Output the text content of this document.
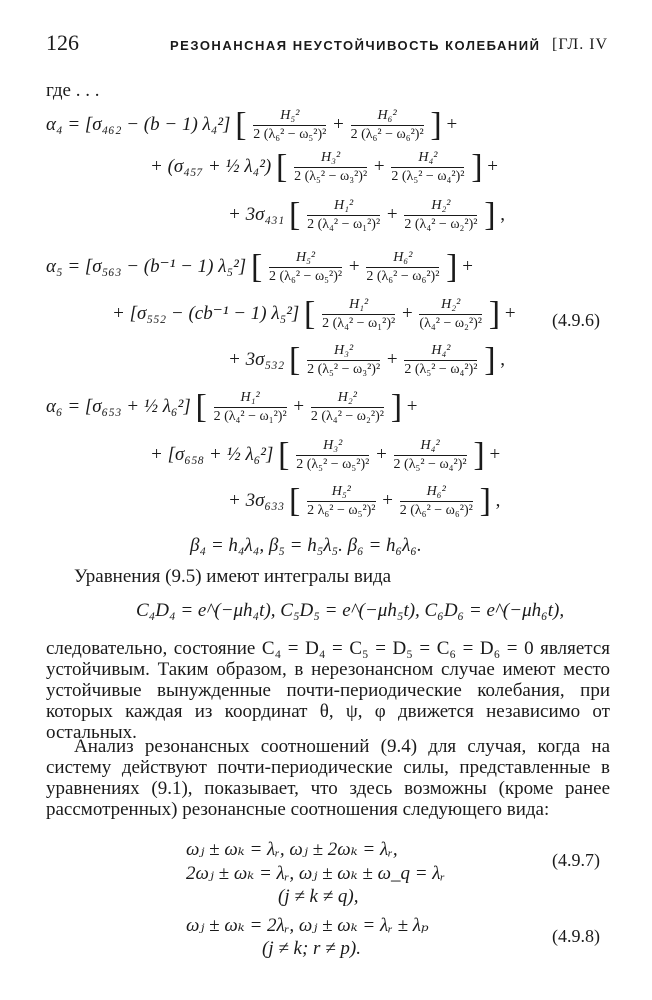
126	РЕЗОНАНСНАЯ НЕУСТОЙЧИВОСТЬ КОЛЕБАНИЙ [ГЛ. IV
где . . .
α₄ = [σ₄₆₂ − (b − 1) λ₄²] [ $\frac{\text{H₅²}}{\text{2 (λ₆² − ω₅²)²}} + \frac{\text{H₆²}}{\text{2 (λ₆² − ω₆²)²}}$ ] +
+ (σ₄₅₇ + ½ λ₄²) [ $\frac{\text{H₃²}}{\text{2 (λ₅² − ω₃²)²}} + \frac{\text{H₄²}}{\text{2 (λ₅² − ω₄²)²}}$ ] +
+ 3σ₄₃₁ [ $\frac{\text{H₁²}}{\text{2 (λ₄² − ω₁²)²}} + \frac{\text{H₂²}}{\text{2 (λ₄² − ω₂²)²}}$ ] ,
α₅ = [σ₅₆₃ − (b⁻¹ − 1) λ₅²] [ $\frac{\text{H₅²}}{\text{2 (λ₆² − ω₅²)²}} + \frac{\text{H₆²}}{\text{2 (λ₆² − ω₆²)²}}$ ] +
+ [σ₅₅₂ − (cb⁻¹ − 1) λ₅²] [ $\frac{\text{H₁²}}{\text{2 (λ₄² − ω₁²)²}} + \frac{\text{H₂²}}{\text{(λ₄² − ω₂²)²}}$ ] + (4.9.6)
+ 3σ₅₃₂ [ $\frac{\text{H₃²}}{\text{2 (λ₅² − ω₃²)²}} + \frac{\text{H₄²}}{\text{2 (λ₅² − ω₄²)²}}$ ] ,
α₆ = [σ₆₅₃ + ½ λ₆²] [ $\frac{\text{H₁²}}{\text{2 (λ₄² − ω₁²)²}} + \frac{\text{H₂²}}{\text{2 (λ₄² − ω₂²)²}}$ ] +
+ [σ₆₅₈ + ½ λ₆²] [ $\frac{\text{H₃²}}{\text{2 (λ₅² − ω₅²)²}} + \frac{\text{H₄²}}{\text{2 (λ₅² − ω₄²)²}}$ ] +
+ 3σ₆₃₃ [ $\frac{\text{H₅²}}{\text{2 λ₆² − ω₅²)²}} + \frac{\text{H₆²}}{\text{2 (λ₆² − ω₆²)²}}$ ] ,
β₄ = h₄λ₄, β₅ = h₅λ₅. β₆ = h₆λ₆.
Уравнения (9.5) имеют интегралы вида
C₄D₄ = e^(−μh₄t), C₅D₅ = e^(−μh₅t), C₆D₆ = e^(−μh₆t),
следовательно, состояние C₄ = D₄ = C₅ = D₅ = C₆ = D₆ = 0 является устойчивым. Таким образом, в нерезонансном случае имеют место устойчивые вынужденные почти-периодические колебания, при которых каждая из координат θ, ψ, φ движется независимо от остальных.
Анализ резонансных соотношений (9.4) для случая, когда на систему действуют почти-периодические силы, представленные в уравнениях (9.1), показывает, что здесь возможны (кроме ранее рассмотренных) резонансные соотношения следующего вида:
ωⱼ ± ωₖ = λᵣ, ωⱼ ± 2ωₖ = λᵣ,
2ωⱼ ± ωₖ = λᵣ, ωⱼ ± ωₖ ± ω_q = λᵣ
(j ≠ k ≠ q),
(4.9.7)
ωⱼ ± ωₖ = 2λᵣ, ωⱼ ± ωₖ = λᵣ ± λₚ
(j ≠ k; r ≠ p).
(4.9.8)
